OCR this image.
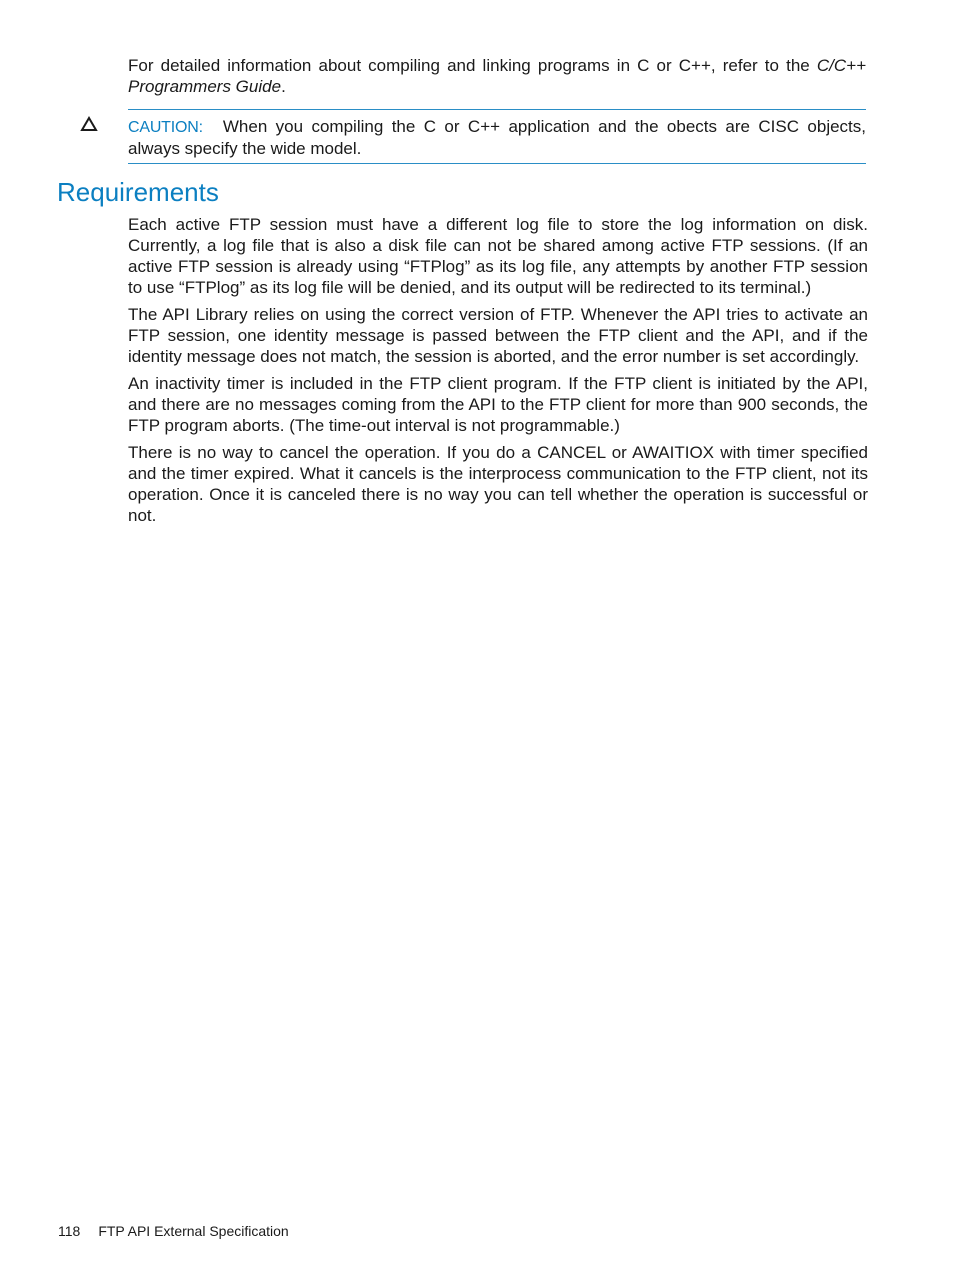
For detailed information about compiling and linking programs in C or C++, refer to the C/C++ Programmers Guide.
CAUTION: When you compiling the C or C++ application and the obects are CISC objects, always specify the wide model.
Requirements

Each active FTP session must have a different log file to store the log information on disk. Currently, a log file that is also a disk file can not be shared among active FTP sessions. (If an active FTP session is already using “FTPlog” as its log file, any attempts by another FTP session to use “FTPlog” as its log file will be denied, and its output will be redirected to its terminal.)

The API Library relies on using the correct version of FTP. Whenever the API tries to activate an FTP session, one identity message is passed between the FTP client and the API, and if the identity message does not match, the session is aborted, and the error number is set accordingly.

An inactivity timer is included in the FTP client program. If the FTP client is initiated by the API, and there are no messages coming from the API to the FTP client for more than 900 seconds, the FTP program aborts. (The time-out interval is not programmable.)

There is no way to cancel the operation. If you do a CANCEL or AWAITIOX with timer specified and the timer expired. What it cancels is the interprocess communication to the FTP client, not its operation. Once it is canceled there is no way you can tell whether the operation is successful or not.

118 FTP API External Specification
